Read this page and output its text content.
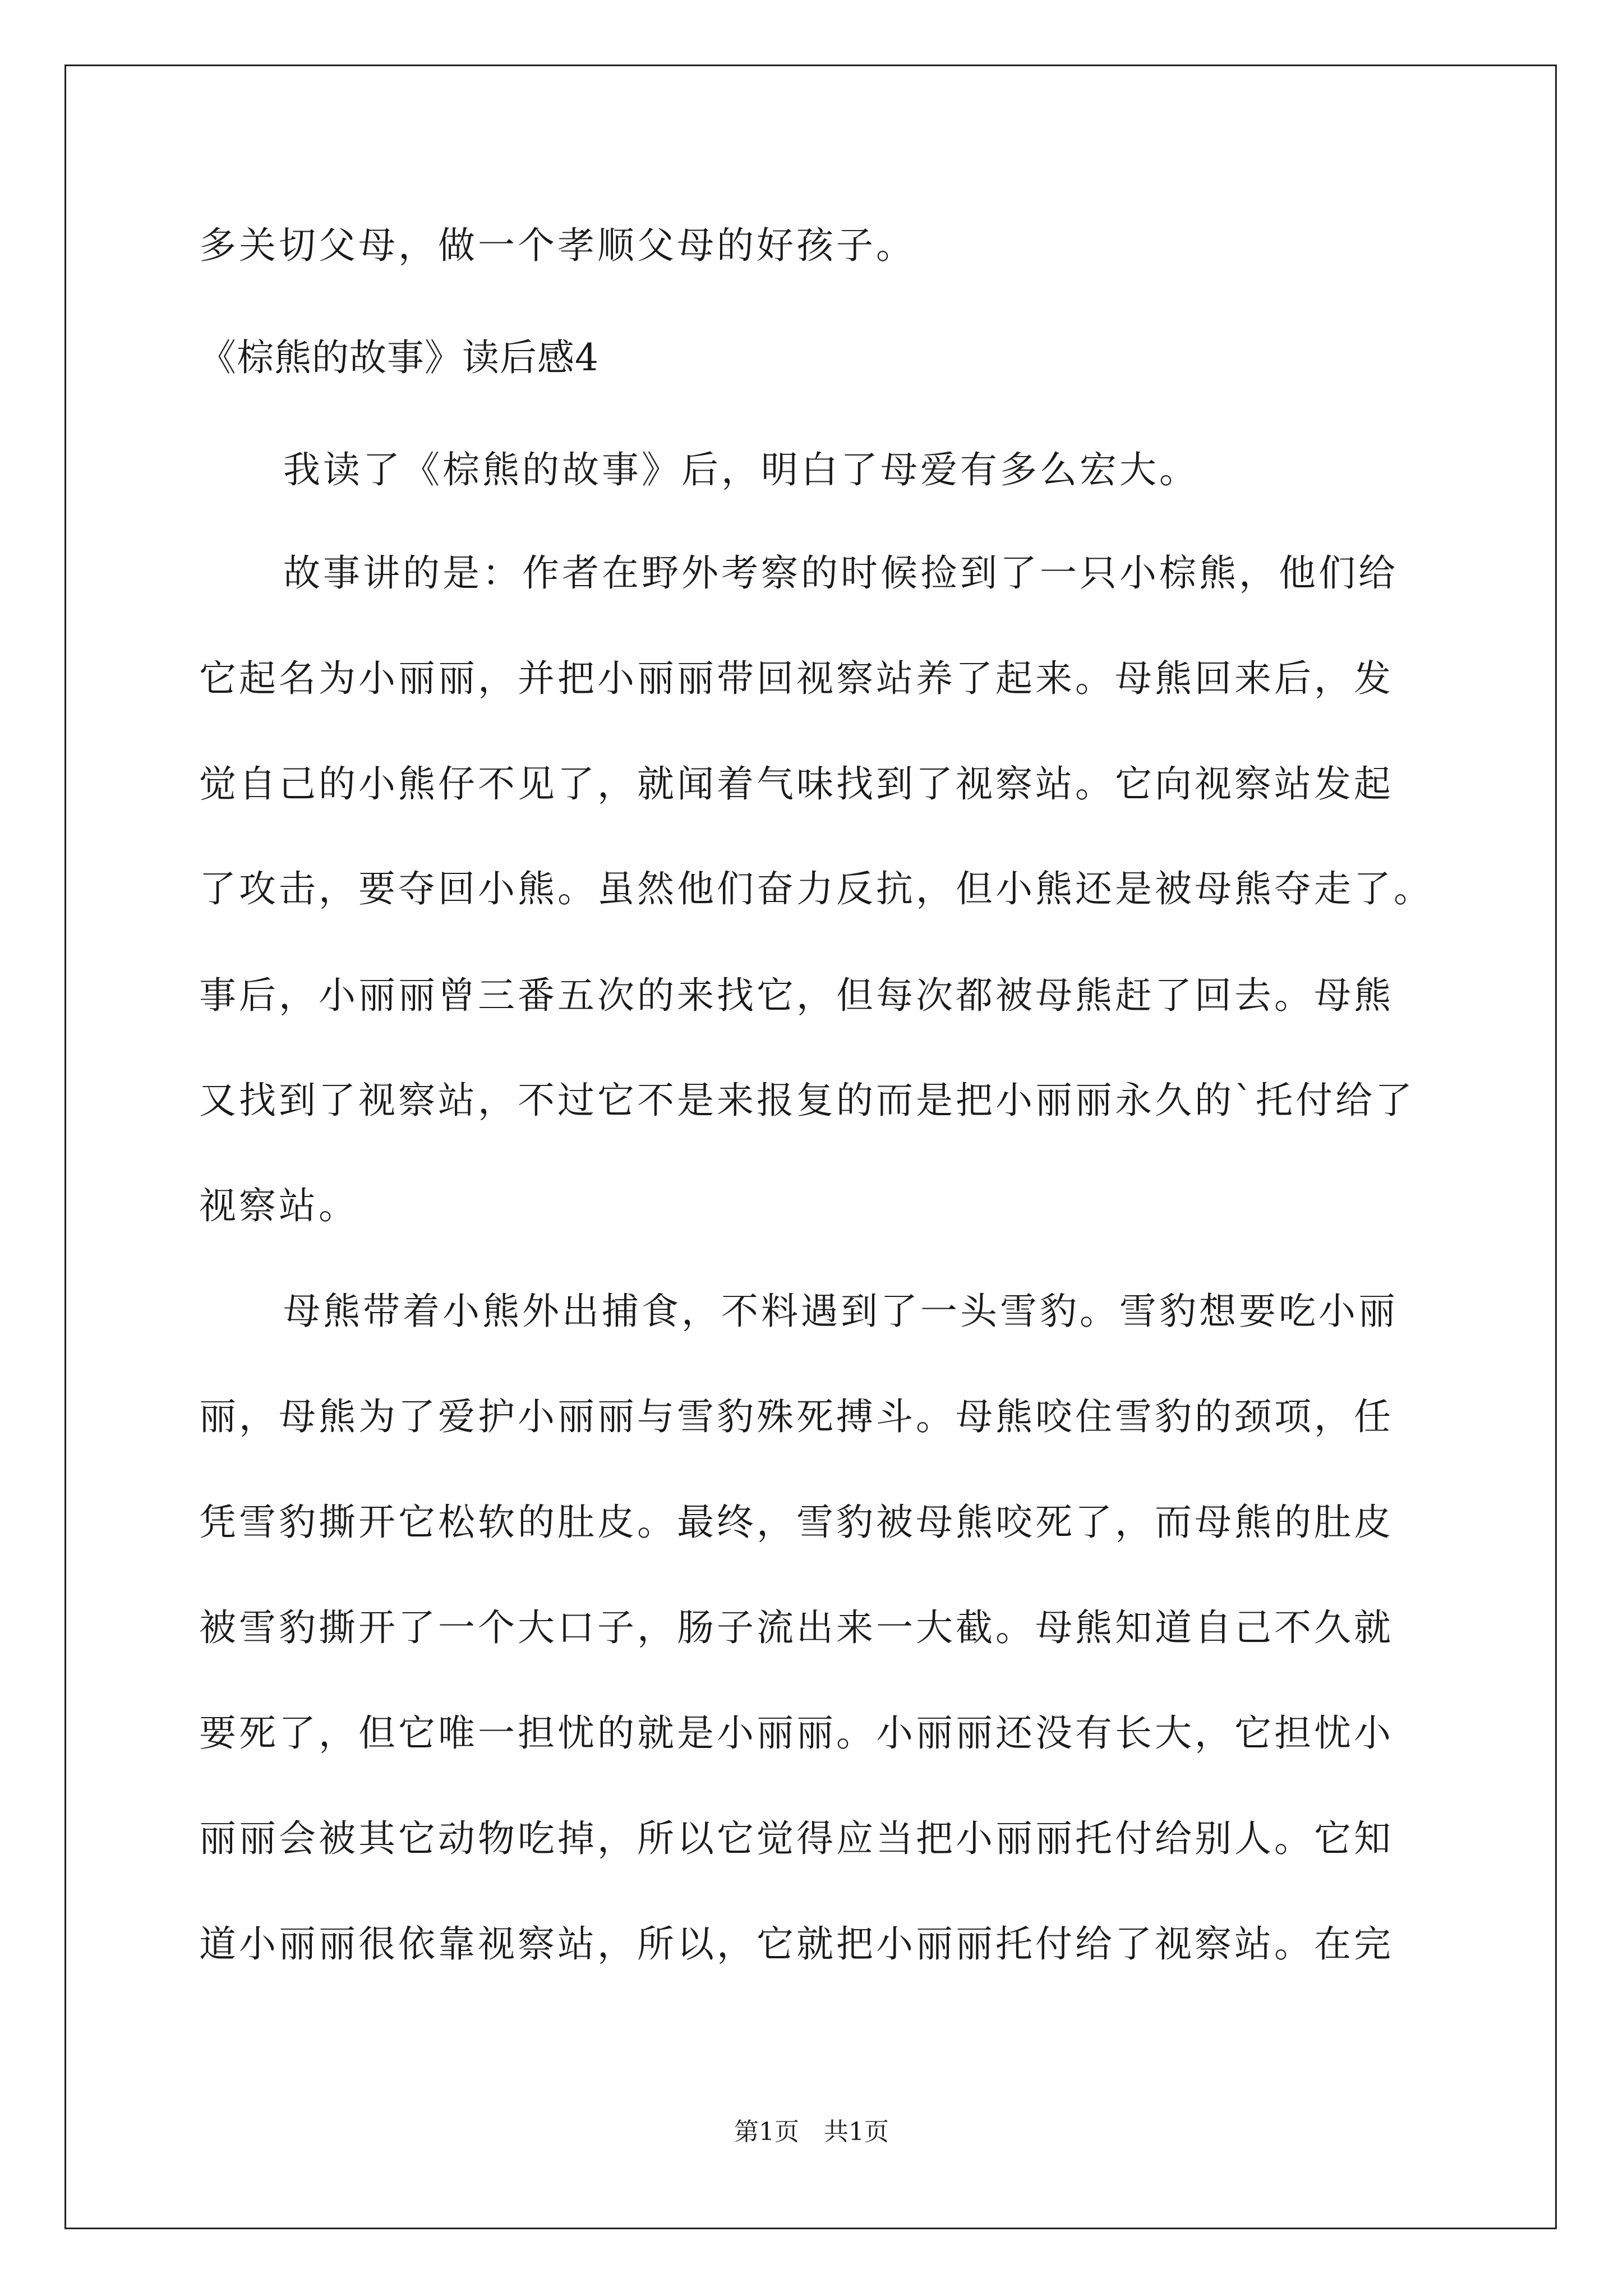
多关切父母，做一个孝顺父母的好孩子。
《棕熊的故事》读后感4
我读了《棕熊的故事》后，明白了母爱有多么宏大。
故事讲的是：作者在野外考察的时候捡到了一只小棕熊，他们给
它起名为小丽丽，并把小丽丽带回视察站养了起来。母熊回来后，发
觉自己的小熊仔不见了，就闻着气味找到了视察站。它向视察站发起
了攻击，要夺回小熊。虽然他们奋力反抗，但小熊还是被母熊夺走了。
事后，小丽丽曾三番五次的来找它，但每次都被母熊赶了回去。母熊
又找到了视察站，不过它不是来报复的而是把小丽丽永久的`托付给了
视察站。
母熊带着小熊外出捕食，不料遇到了一头雪豹。雪豹想要吃小丽
丽，母熊为了爱护小丽丽与雪豹殊死搏斗。母熊咬住雪豹的颈项，任
凭雪豹撕开它松软的肚皮。最终，雪豹被母熊咬死了，而母熊的肚皮
被雪豹撕开了一个大口子，肠子流出来一大截。母熊知道自己不久就
要死了，但它唯一担忧的就是小丽丽。小丽丽还没有长大，它担忧小
丽丽会被其它动物吃掉，所以它觉得应当把小丽丽托付给别人。它知
道小丽丽很依靠视察站，所以，它就把小丽丽托付给了视察站。在完
第1页　共1页
